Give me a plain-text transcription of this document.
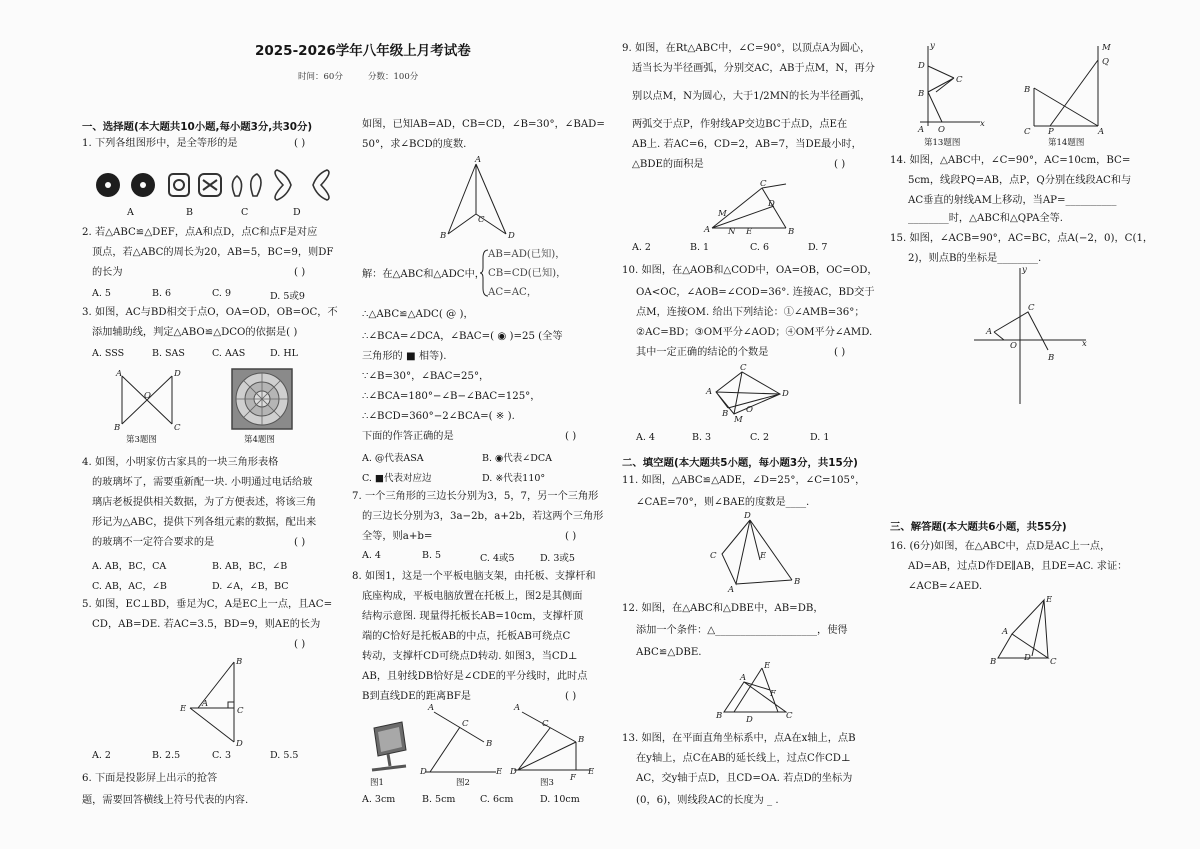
2025-2026学年八年级上月考试卷
时间：60分	分数：100分
一、选择题(本大题共10小题,每小题3分,共30分)
1. 下列各组图形中，是全等形的是	( )
A	B	C	D
2. 若△ABC≌△DEF，点A和点D，点C和点F是对应
顶点，若△ABC的周长为20，AB=5，BC=9，则DF
的长为	( )
A. 5	B. 6	C. 9	D. 5或9
3. 如图，AC与BD相交于点O，OA=OD，OB=OC，不
添加辅助线，判定△ABO≌△DCO的依据是( )
A. SSS	B. SAS	C. AAS	D. HL
A	D
B	C
O
第3题图	第4题图
4. 如图，小明家仿古家具的一块三角形表格
的玻璃坏了，需要重新配一块. 小明通过电话给玻
璃店老板提供相关数据，为了方便表述，将该三角
形记为△ABC，提供下列各组元素的数据，配出来
的玻璃不一定符合要求的是	( )
A. AB，BC，CA	B. AB，BC，∠B
C. AB，AC，∠B	D. ∠A，∠B，BC
5. 如图，EC⊥BD，垂足为C，A是EC上一点，且AC=
CD，AB=DE. 若AC=3.5，BD=9，则AE的长为
( )
B
E A
C
D
A. 2	B. 2.5	C. 3	D. 5.5
6. 下面是投影屏上出示的抢答
题，需要回答横线上符号代表的内容.
如图，已知AB=AD，CB=CD，∠B=30°，∠BAD=
50°，求∠BCD的度数.
A
B
C
D
解：在△ABC和△ADC中，
AB=AD(已知)，
CB=CD(已知)，
AC=AC，
∴△ABC≌△ADC( @ )，
∴∠BCA=∠DCA，∠BAC=( ◉ )=25 (全等
三角形的 ■ 相等).
∵∠B=30°，∠BAC=25°，
∴∠BCA=180°−∠B−∠BAC=125°，
∴∠BCD=360°−2∠BCA=( ※ ).
下面的作答正确的是	( )
A. @代表ASA	B. ◉代表∠DCA
C. ■代表对应边	D. ※代表110°
7. 一个三角形的三边长分别为3，5，7，另一个三角形
的三边长分别为3，3a−2b，a+2b，若这两个三角形
全等，则a+b=	( )
A. 4	B. 5	C. 4或5	D. 3或5
8. 如图1，这是一个平板电脑支架，由托板、支撑杆和
底座构成，平板电脑放置在托板上，图2是其侧面
结构示意图. 现量得托板长AB=10cm，支撑杆顶
端的C恰好是托板AB的中点，托板AB可绕点C
转动，支撑杆CD可绕点D转动. 如图3，当CD⊥
AB，且射线DB恰好是∠CDE的平分线时，此时点
B到直线DE的距离BF是	( )
A
B
C
D	E
A
B
C
D
F
E
图1	图2	图3
A. 3cm	B. 5cm	C. 6cm	D. 10cm
9. 如图，在Rt△ABC中，∠C=90°，以顶点A为圆心，
适当长为半径画弧，分别交AC，AB于点M，N，再分
别以点M，N为圆心，大于1/2MN的长为半径画弧，
两弧交于点P，作射线AP交边BC于点D，点E在
AB上. 若AC=6，CD=2，AB=7，当DE最小时，
△BDE的面积是	( )
C
A	B
M
N
D
E
A. 2	B. 1	C. 6	D. 7
10. 如图，在△AOB和△COD中，OA=OB，OC=OD，
OA<OC，∠AOB=∠COD=36°. 连接AC，BD交于
点M，连接OM. 给出下列结论：①∠AMB=36°；
②AC=BD；③OM平分∠AOD；④OM平分∠AMD.
其中一定正确的结论的个数是	( )
C
A	D
B
M
O
A. 4	B. 3	C. 2	D. 1
二、填空题(本大题共5小题，每小题3分，共15分)
11. 如图，△ABC≌△ADE，∠D=25°，∠C=105°，
∠CAE=70°，则∠BAE的度数是____.
D
C	E
A
B
12. 如图，在△ABC和△DBE中，AB=DB，
添加一个条件：△____________________，使得
ABC≌△DBE.
A
E
F
B	D	C
13. 如图，在平面直角坐标系中，点A在x轴上，点B
在y轴上，点C在AB的延长线上，过点C作CD⊥
AC，交y轴于点D，且CD=OA. 若点D的坐标为
(0，6)，则线段AC的长度为 _ .
y
x
D
C
B
A O
第13题图
B
C P	A
M
Q
第14题图
14. 如图，△ABC中，∠C=90°，AC=10cm，BC=
5cm，线段PQ=AB，点P，Q分别在线段AC和与
AC垂直的射线AM上移动，当AP=__________
________时，△ABC和△QPA全等.
15. 如图，∠ACB=90°，AC=BC，点A(−2，0)，C(1，
2)，则点B的坐标是________.
y
x
A
C
O
B
三、解答题(本大题共6小题，共55分)
16. (6分)如图，在△ABC中，点D是AC上一点，
AD=AB，过点D作DE∥AB，且DE=AC. 求证：
∠ACB=∠AED.
A
E
B	D C
